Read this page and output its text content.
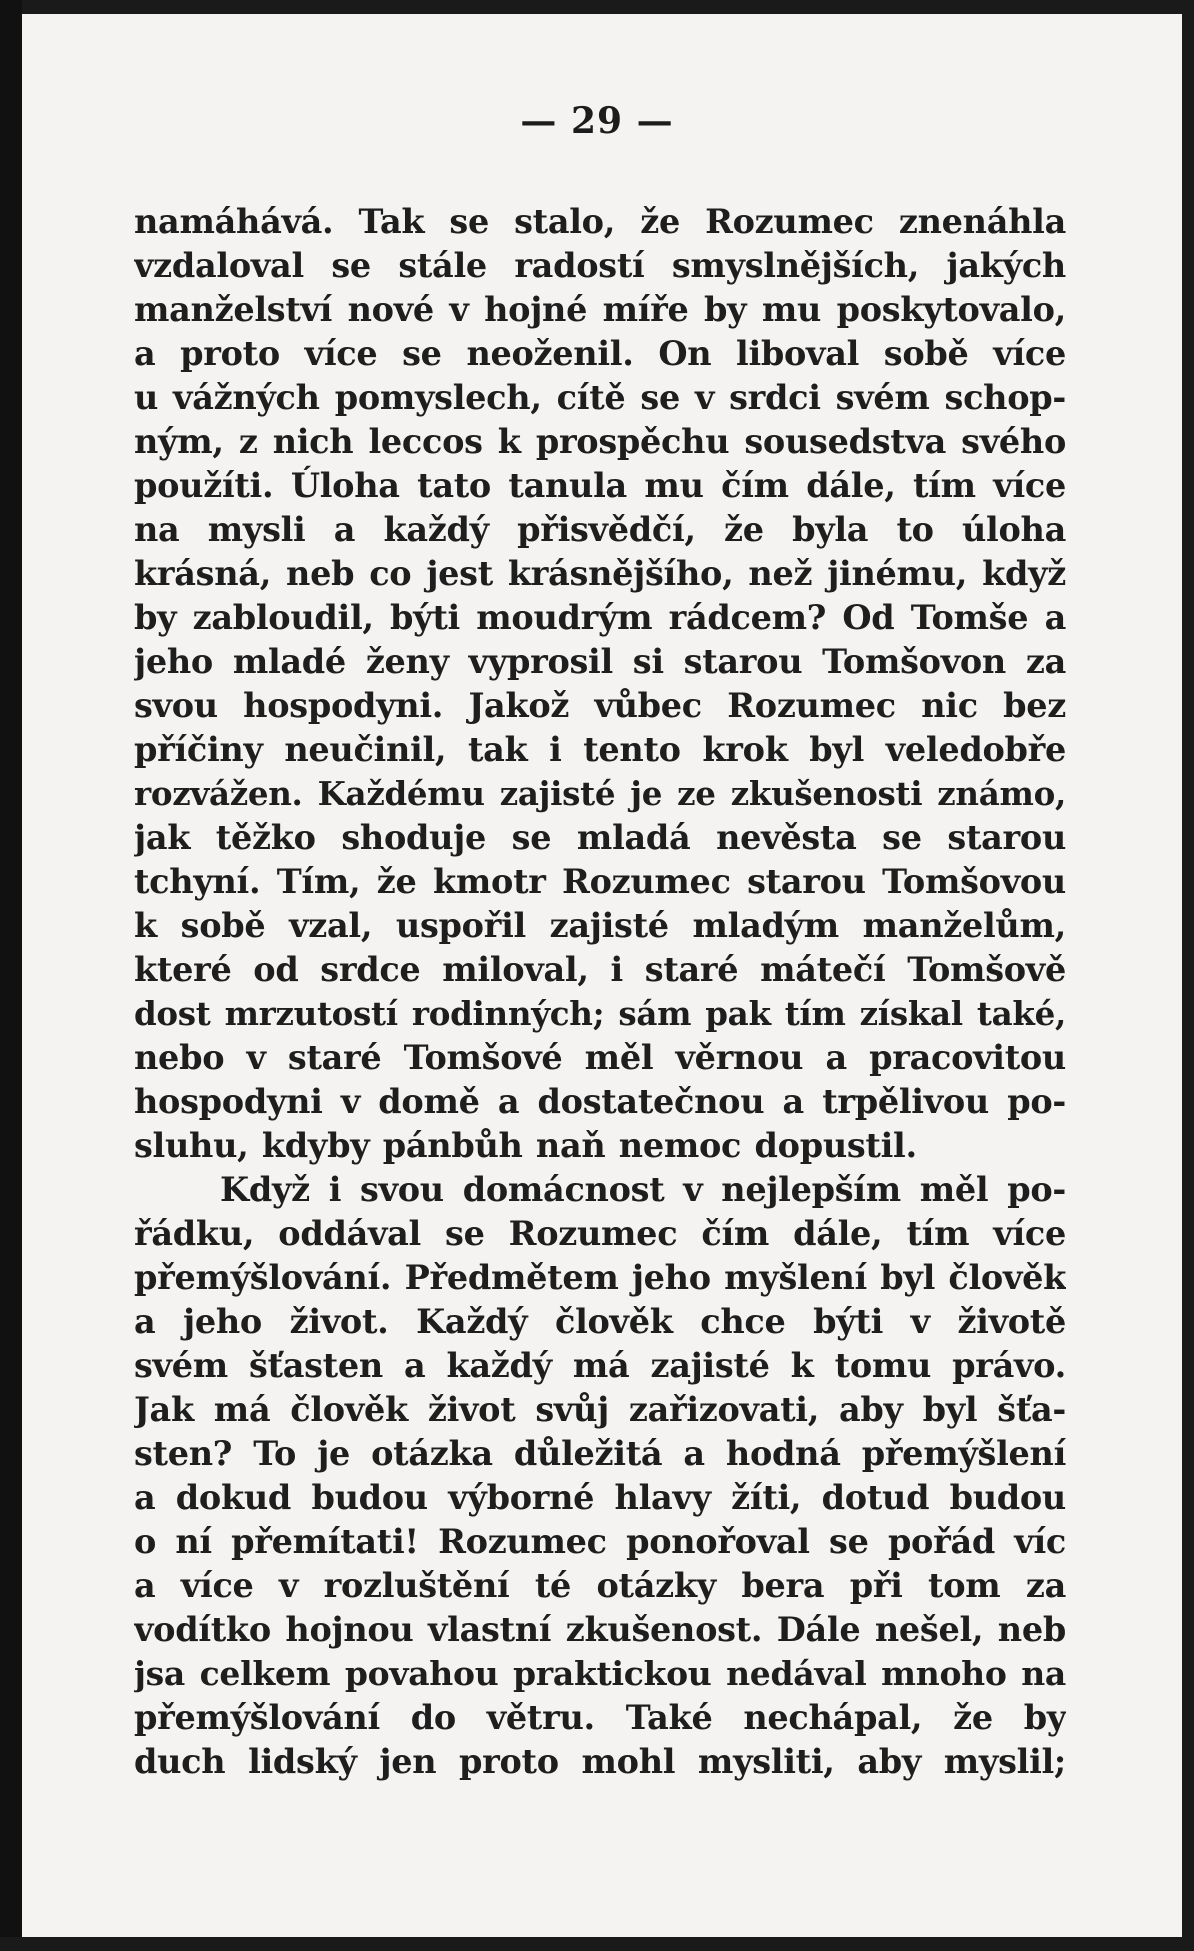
— 29 —
namáhává. Tak se stalo, že Rozumec znenáhla
vzdaloval se stále radostí smyslnějších, jakých
manželství nové v hojné míře by mu poskytovalo,
a proto více se neoženil. On liboval sobě více
u vážných pomyslech, cítě se v srdci svém schop-
ným, z nich leccos k prospěchu sousedstva svého
použíti. Úloha tato tanula mu čím dále, tím více
na mysli a každý přisvědčí, že byla to úloha
krásná, neb co jest krásnějšího, než jinému, když
by zabloudil, býti moudrým rádcem? Od Tomše a
jeho mladé ženy vyprosil si starou Tomšovon za
svou hospodyni. Jakož vůbec Rozumec nic bez
příčiny neučinil, tak i tento krok byl veledobře
rozvážen. Každému zajisté je ze zkušenosti známo,
jak těžko shoduje se mladá nevěsta se starou
tchyní. Tím, že kmotr Rozumec starou Tomšovou
k sobě vzal, uspořil zajisté mladým manželům,
které od srdce miloval, i staré mátečí Tomšově
dost mrzutostí rodinných; sám pak tím získal také,
nebo v staré Tomšové měl věrnou a pracovitou
hospodyni v domě a dostatečnou a trpělivou po-
sluhu, kdyby pánbůh naň nemoc dopustil.
Když i svou domácnost v nejlepším měl po-
řádku, oddával se Rozumec čím dále, tím více
přemýšlování. Předmětem jeho myšlení byl člověk
a jeho život. Každý člověk chce býti v životě
svém šťasten a každý má zajisté k tomu právo.
Jak má člověk život svůj zařizovati, aby byl šťa-
sten? To je otázka důležitá a hodná přemýšlení
a dokud budou výborné hlavy žíti, dotud budou
o ní přemítati! Rozumec ponořoval se pořád víc
a více v rozluštění té otázky bera při tom za
vodítko hojnou vlastní zkušenost. Dále nešel, neb
jsa celkem povahou praktickou nedával mnoho na
přemýšlování do větru. Také nechápal, že by
duch lidský jen proto mohl mysliti, aby myslil;
